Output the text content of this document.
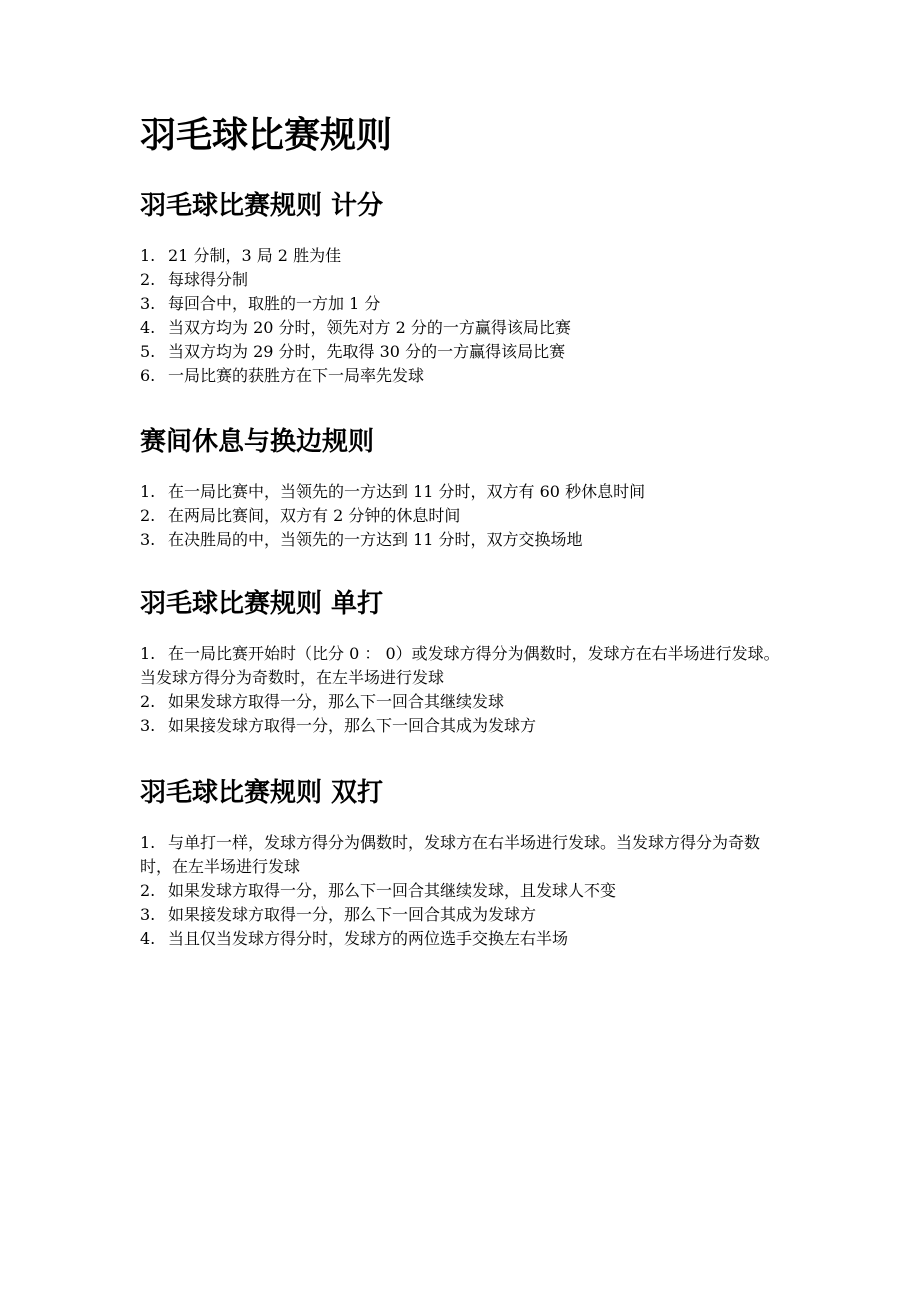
羽毛球比赛规则
羽毛球比赛规则 计分
1. 21 分制，3 局 2 胜为佳
2. 每球得分制
3. 每回合中，取胜的一方加 1 分
4. 当双方均为 20 分时，领先对方 2 分的一方赢得该局比赛
5. 当双方均为 29 分时，先取得 30 分的一方赢得该局比赛
6. 一局比赛的获胜方在下一局率先发球
赛间休息与换边规则
1. 在一局比赛中，当领先的一方达到 11 分时，双方有 60 秒休息时间
2. 在两局比赛间，双方有 2 分钟的休息时间
3. 在决胜局的中，当领先的一方达到 11 分时，双方交换场地
羽毛球比赛规则 单打
1. 在一局比赛开始时（比分 0 ： 0）或发球方得分为偶数时，发球方在右半场进行发球。当发球方得分为奇数时，在左半场进行发球
2. 如果发球方取得一分，那么下一回合其继续发球
3. 如果接发球方取得一分，那么下一回合其成为发球方
羽毛球比赛规则 双打
1. 与单打一样，发球方得分为偶数时，发球方在右半场进行发球。当发球方得分为奇数时，在左半场进行发球
2. 如果发球方取得一分，那么下一回合其继续发球，且发球人不变
3. 如果接发球方取得一分，那么下一回合其成为发球方
4. 当且仅当发球方得分时，发球方的两位选手交换左右半场
